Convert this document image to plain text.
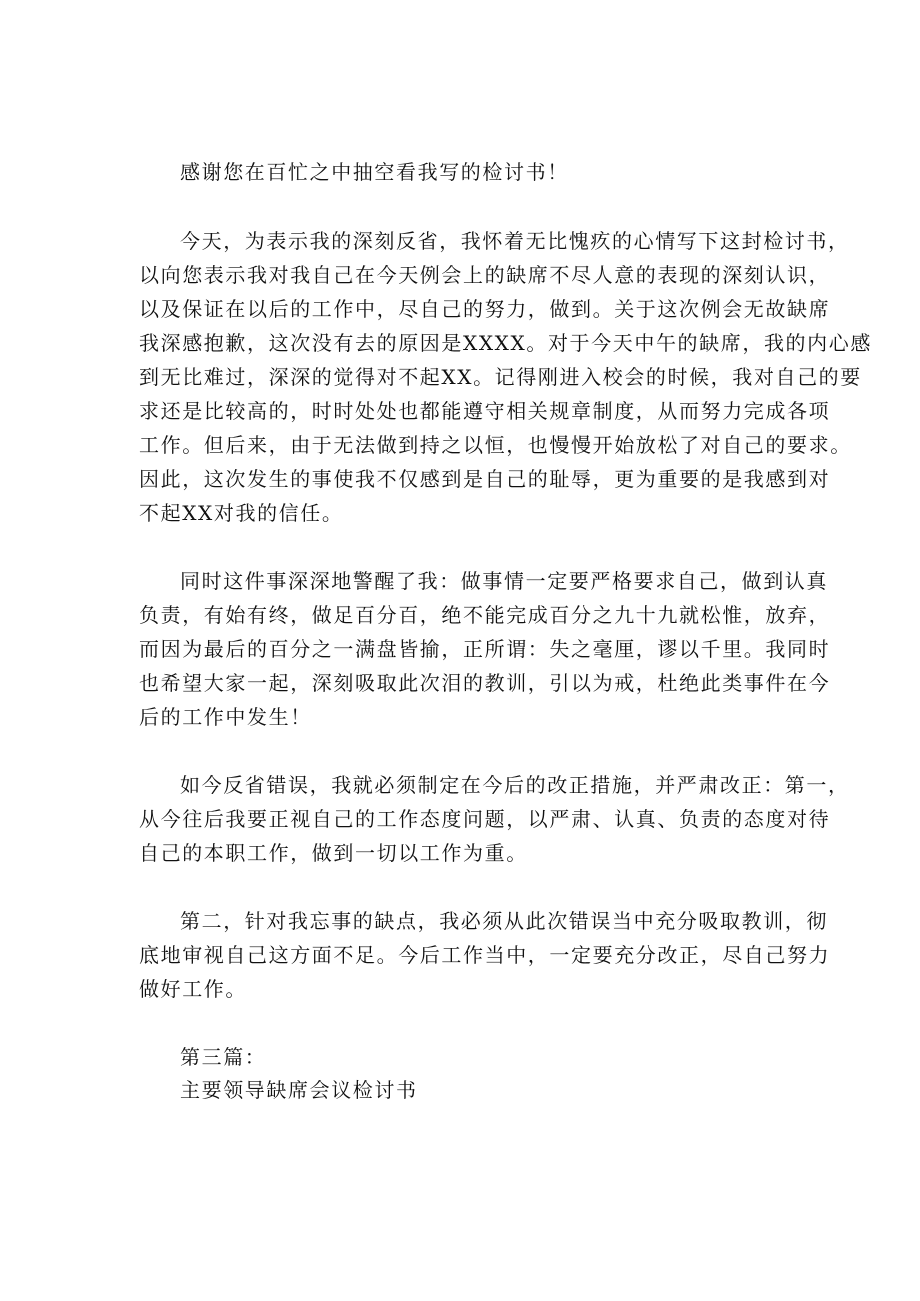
感谢您在百忙之中抽空看我写的检讨书！
今天，为表示我的深刻反省，我怀着无比愧疚的心情写下这封检讨书，
以向您表示我对我自己在今天例会上的缺席不尽人意的表现的深刻认识，
以及保证在以后的工作中，尽自己的努力，做到。关于这次例会无故缺席
我深感抱歉，这次没有去的原因是XXXX。对于今天中午的缺席，我的内心感
到无比难过，深深的觉得对不起XX。记得刚进入校会的时候，我对自己的要
求还是比较高的，时时处处也都能遵守相关规章制度，从而努力完成各项
工作。但后来，由于无法做到持之以恒，也慢慢开始放松了对自己的要求。
因此，这次发生的事使我不仅感到是自己的耻辱，更为重要的是我感到对
不起XX对我的信任。
同时这件事深深地警醒了我：做事情一定要严格要求自己，做到认真
负责，有始有终，做足百分百，绝不能完成百分之九十九就松惟，放弃，
而因为最后的百分之一满盘皆揄，正所谓：失之毫厘，谬以千里。我同时
也希望大家一起，深刻吸取此次泪的教训，引以为戒，杜绝此类事件在今
后的工作中发生！
如今反省错误，我就必须制定在今后的改正措施，并严肃改正：第一，
从今往后我要正视自己的工作态度问题，以严肃、认真、负责的态度对待
自己的本职工作，做到一切以工作为重。
第二，针对我忘事的缺点，我必须从此次错误当中充分吸取教训，彻
底地审视自己这方面不足。今后工作当中，一定要充分改正，尽自己努力
做好工作。
第三篇：
主要领导缺席会议检讨书
